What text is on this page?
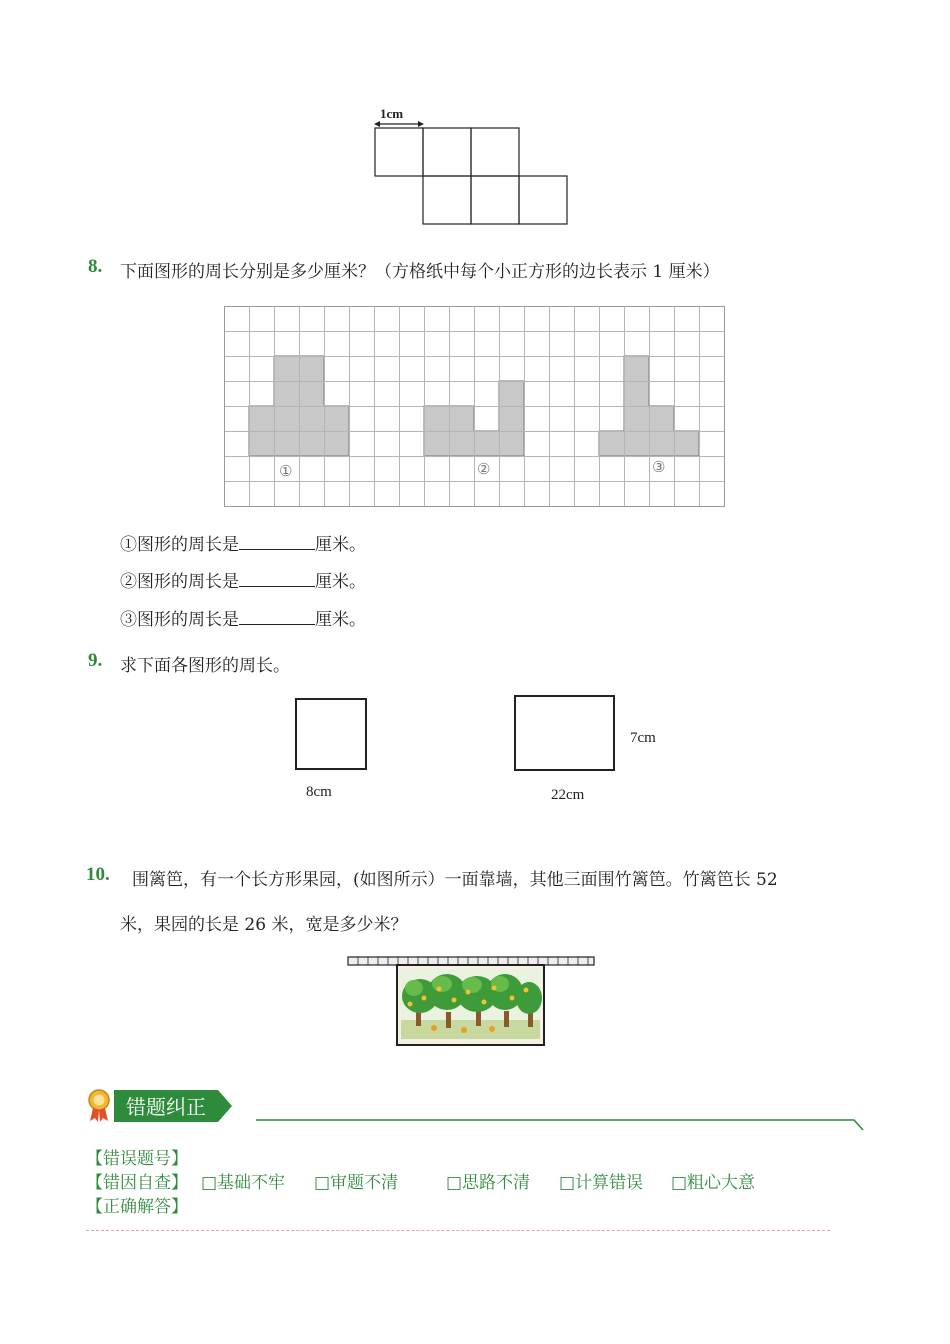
1cm
8. 下面图形的周长分别是多少厘米？（方格纸中每个小正方形的边长表示 1 厘米）
①	②	③
①图形的周长是	厘米。
②图形的周长是	厘米。
③图形的周长是	厘米。
9. 求下面各图形的周长。
8cm
7cm
22cm
10. 围篱笆，有一个长方形果园，(如图所示）一面靠墙，其他三面围竹篱笆。竹篱笆长 52
米，果园的长是 26 米，宽是多少米？
错题纠正
【错误题号】
【错因自查】 □基础不牢 □审题不清	□思路不清 □计算错误 □粗心大意
【正确解答】
